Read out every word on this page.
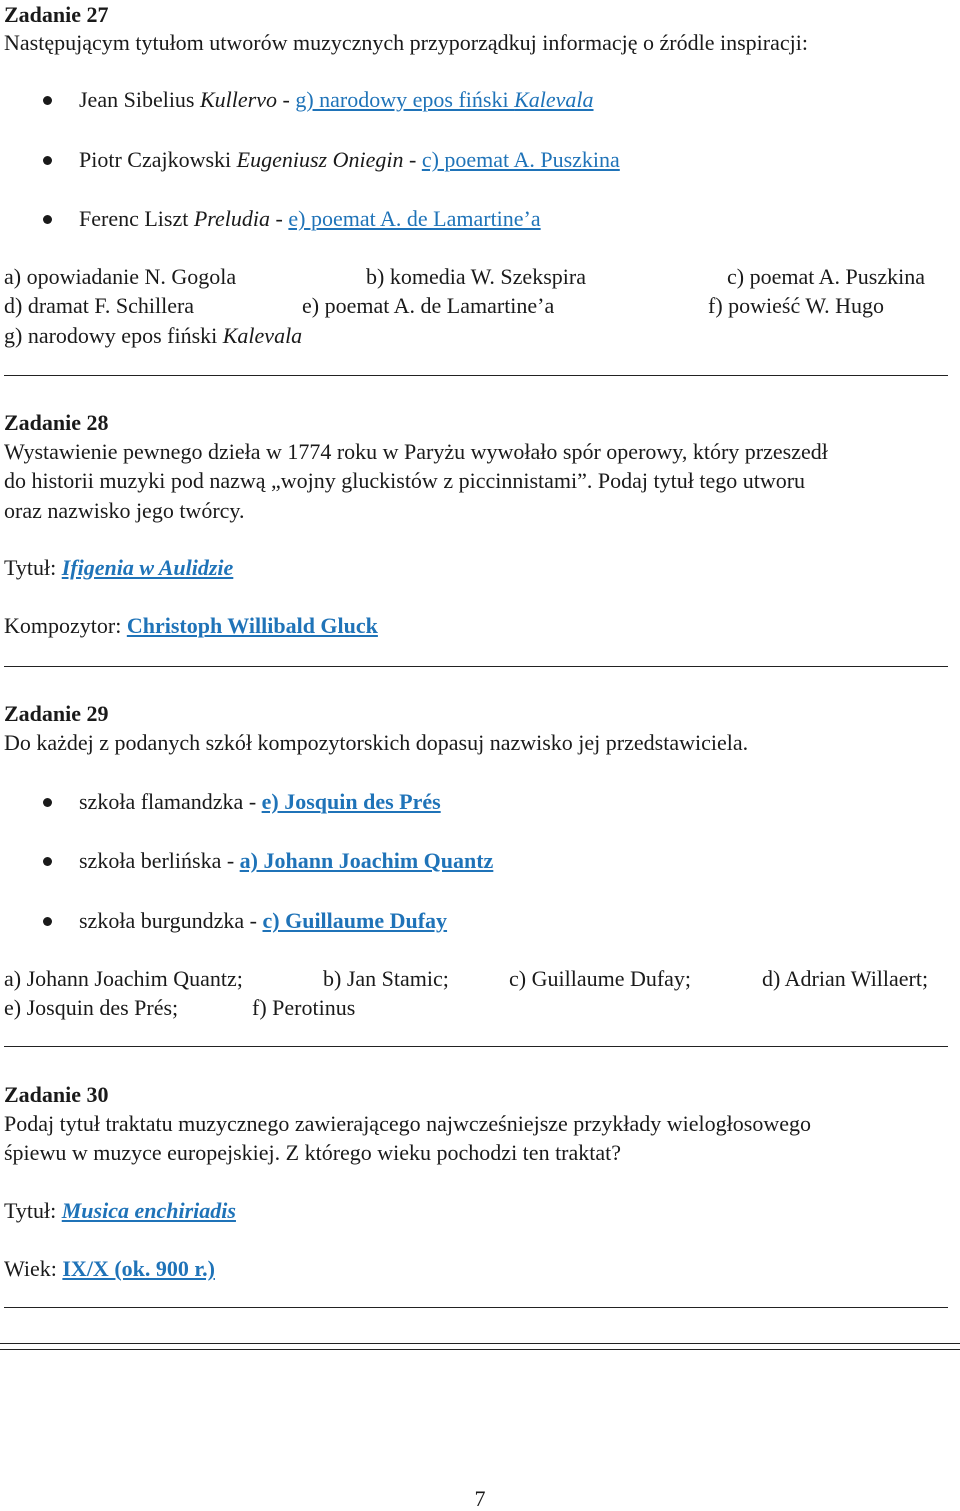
Zadanie 27
Następującym tytułom utworów muzycznych przyporządkuj informację o źródle inspiracji:
Jean Sibelius Kullervo - g) narodowy epos fiński Kalevala
Piotr Czajkowski Eugeniusz Oniegin - c) poemat A. Puszkina
Ferenc Liszt Preludia - e) poemat A. de Lamartine’a
a) opowiadanie N. Gogola	b) komedia W. Szekspira	c) poemat A. Puszkina
d) dramat F. Schillera	e) poemat A. de Lamartine’a	f) powieść W. Hugo
g) narodowy epos fiński Kalevala
Zadanie 28
Wystawienie pewnego dzieła w 1774 roku w Paryżu wywołało spór operowy, który przeszedł
do historii muzyki pod nazwą „wojny gluckistów z piccinnistami”. Podaj tytuł tego utworu
oraz nazwisko jego twórcy.
Tytuł: Ifigenia w Aulidzie
Kompozytor: Christoph Willibald Gluck
Zadanie 29
Do każdej z podanych szkół kompozytorskich dopasuj nazwisko jej przedstawiciela.
szkoła flamandzka - e) Josquin des Prés
szkoła berlińska - a) Johann Joachim Quantz
szkoła burgundzka - c) Guillaume Dufay
a) Johann Joachim Quantz;	b) Jan Stamic;	c) Guillaume Dufay;	d) Adrian Willaert;
e) Josquin des Prés;	f) Perotinus
Zadanie 30
Podaj tytuł traktatu muzycznego zawierającego najwcześniejsze przykłady wielogłosowego
śpiewu w muzyce europejskiej. Z którego wieku pochodzi ten traktat?
Tytuł: Musica enchiriadis
Wiek: IX/X (ok. 900 r.)
7
